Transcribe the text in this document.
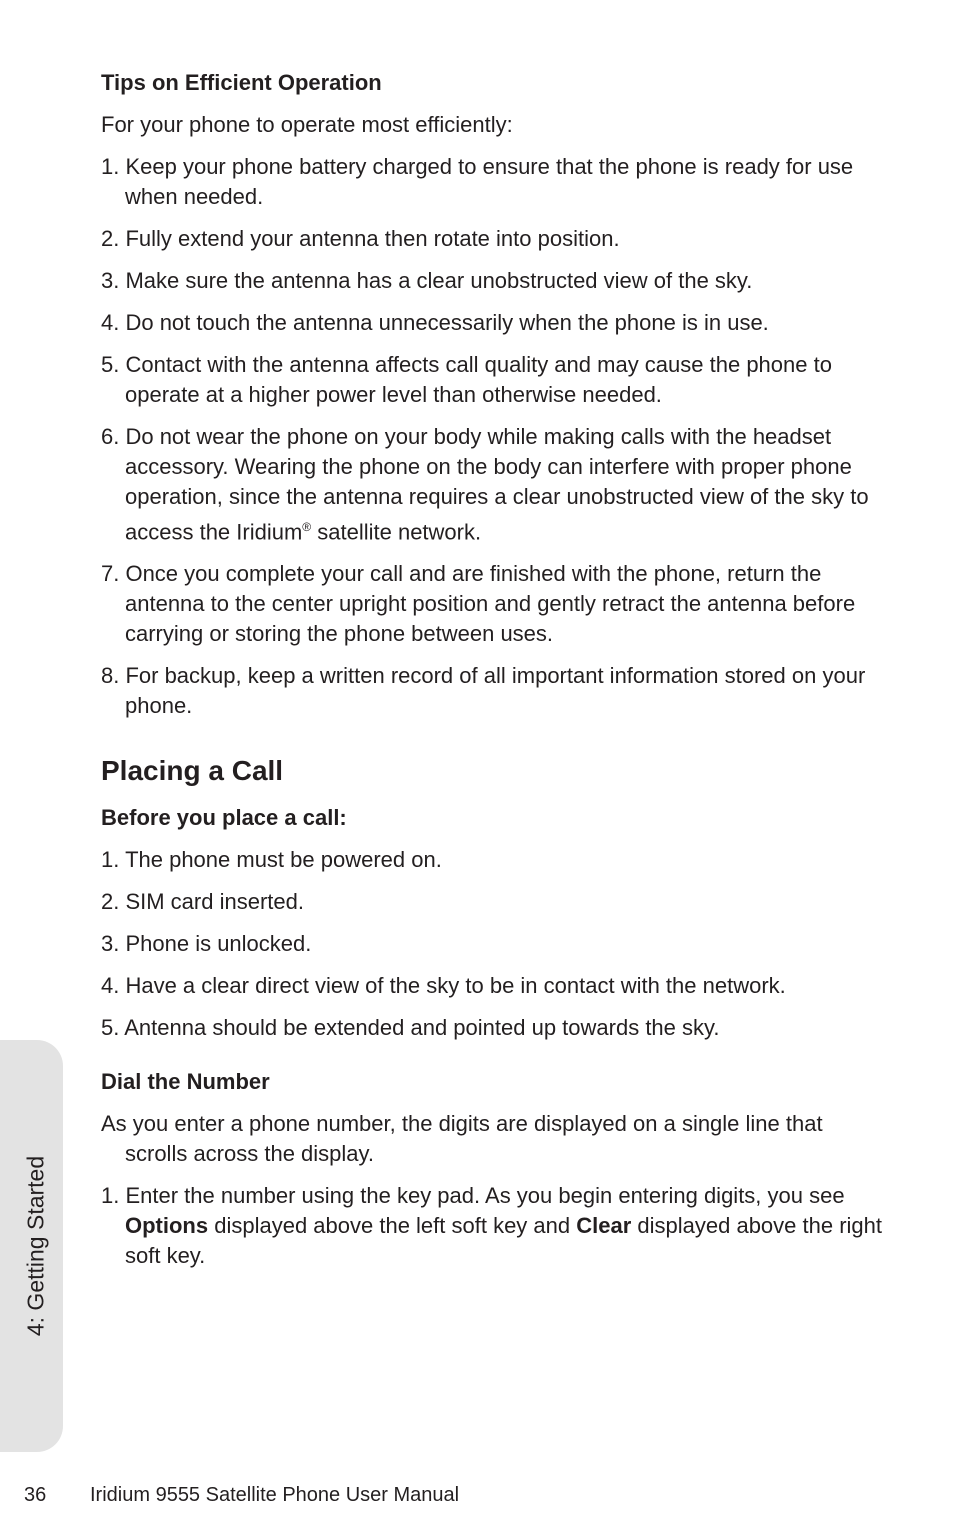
Tips on Efficient Operation

For your phone to operate most efficiently:

1. Keep your phone battery charged to ensure that the phone is ready for use when needed.

2. Fully extend your antenna then rotate into position.

3. Make sure the antenna has a clear unobstructed view of the sky.

4. Do not touch the antenna unnecessarily when the phone is in use.

5. Contact with the antenna affects call quality and may cause the phone to operate at a higher power level than otherwise needed.

6. Do not wear the phone on your body while making calls with the headset accessory. Wearing the phone on the body can interfere with proper phone operation, since the antenna requires a clear unobstructed view of the sky to access the Iridium® satellite network.

7. Once you complete your call and are finished with the phone, return the antenna to the center upright position and gently retract the antenna before carrying or storing the phone between uses.

8. For backup, keep a written record of all important information stored on your phone.

Placing a Call
Before you place a call:

1. The phone must be powered on.

2. SIM card inserted.

3. Phone is unlocked.

4. Have a clear direct view of the sky to be in contact with the network.

5. Antenna should be extended and pointed up towards the sky.

Dial the Number

As you enter a phone number, the digits are displayed on a single line that scrolls across the display.

1. Enter the number using the key pad. As you begin entering digits, you see Options displayed above the left soft key and Clear displayed above the right soft key.

4: Getting Started
36 Iridium 9555 Satellite Phone User Manual
